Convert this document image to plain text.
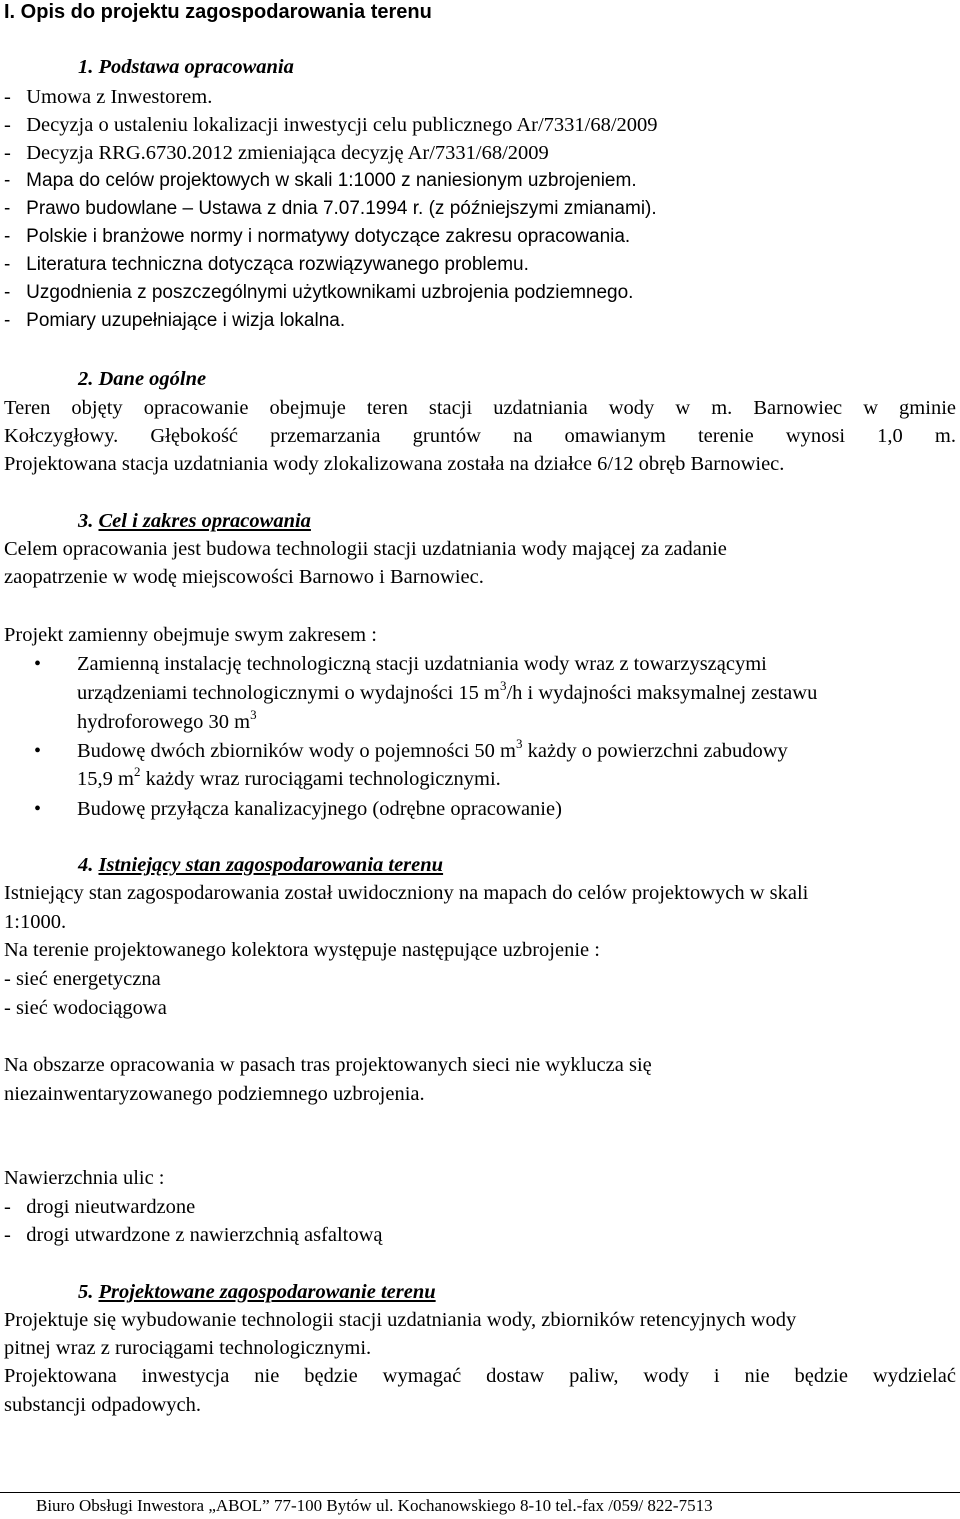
I. Opis do projektu zagospodarowania terenu
1. Podstawa opracowania
-   Umowa z Inwestorem.
-   Decyzja o ustaleniu lokalizacji inwestycji celu publicznego Ar/7331/68/2009
-   Decyzja RRG.6730.2012 zmieniająca decyzję Ar/7331/68/2009
-   Mapa do celów projektowych w skali 1:1000 z naniesionym uzbrojeniem.
-   Prawo budowlane – Ustawa z dnia 7.07.1994 r. (z późniejszymi zmianami).
-   Polskie i branżowe normy i normatywy dotyczące zakresu opracowania.
-   Literatura techniczna dotycząca rozwiązywanego problemu.
-   Uzgodnienia z poszczególnymi użytkownikami uzbrojenia podziemnego.
-   Pomiary uzupełniające i wizja lokalna.
2. Dane ogólne
Teren objęty opracowanie obejmuje teren stacji uzdatniania wody w m. Barnowiec w gminie
Kołczygłowy. Głębokość przemarzania gruntów na omawianym terenie wynosi 1,0 m.
Projektowana stacja uzdatniania wody zlokalizowana została na działce 6/12 obręb Barnowiec.
3. Cel i zakres opracowania
Celem opracowania jest budowa technologii stacji uzdatniania wody mającej za zadanie
zaopatrzenie w wodę miejscowości Barnowo i Barnowiec.
Projekt zamienny obejmuje swym zakresem :
• Zamienną instalację technologiczną stacji uzdatniania wody wraz z towarzyszącymi
urządzeniami technologicznymi o wydajności 15 $m^3/h$ i wydajności maksymalnej zestawu
hydroforowego 30 $m^3$
• Budowę dwóch zbiorników wody o pojemności 50 $m^3$ każdy o powierzchni zabudowy
15,9 $m^2$ każdy wraz rurociągami technologicznymi.
• Budowę przyłącza kanalizacyjnego (odrębne opracowanie)
4. Istniejący stan zagospodarowania terenu
Istniejący stan zagospodarowania został uwidoczniony na mapach do celów projektowych w skali
1:1000.
Na terenie projektowanego kolektora występuje następujące uzbrojenie :
- sieć energetyczna
- sieć wodociągowa
Na obszarze opracowania w pasach tras projektowanych sieci nie wyklucza się
niezainwentaryzowanego podziemnego uzbrojenia.
Nawierzchnia ulic :
-   drogi nieutwardzone
-   drogi utwardzone z nawierzchnią asfaltową
5. Projektowane zagospodarowanie terenu
Projektuje się wybudowanie technologii stacji uzdatniania wody, zbiorników retencyjnych wody
pitnej wraz z rurociągami technologicznymi.
Projektowana inwestycja nie będzie wymagać dostaw paliw, wody i nie będzie wydzielać
substancji odpadowych.
Biuro Obsługi Inwestora „ABOL” 77-100 Bytów ul. Kochanowskiego 8-10 tel.-fax /059/ 822-7513
